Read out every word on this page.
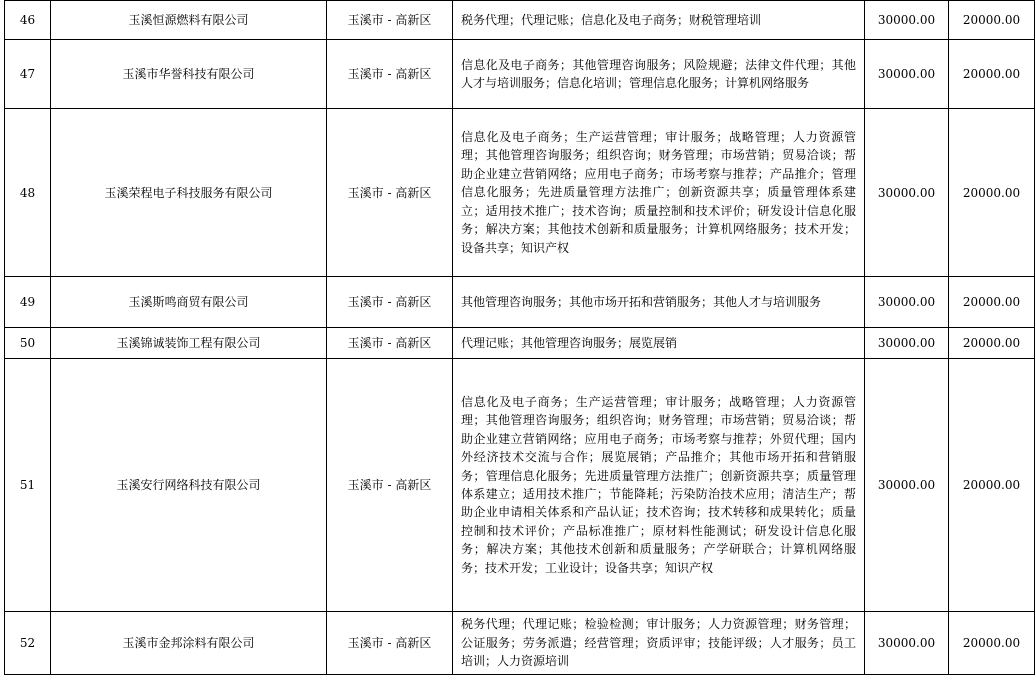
46	玉溪恒源燃料有限公司	玉溪市 - 高新区	税务代理；代理记账；信息化及电子商务；财税管理培训	30000.00	20000.00
47	玉溪市华誉科技有限公司	玉溪市 - 高新区	信息化及电子商务；其他管理咨询服务；风险规避；法律文件代理；其他人才与培训服务；信息化培训；管理信息化服务；计算机网络服务	30000.00	20000.00
48	玉溪荣程电子科技服务有限公司	玉溪市 - 高新区	信息化及电子商务；生产运营管理；审计服务；战略管理；人力资源管理；其他管理咨询服务；组织咨询；财务管理；市场营销；贸易洽谈；帮助企业建立营销网络；应用电子商务；市场考察与推荐；产品推介；管理信息化服务；先进质量管理方法推广；创新资源共享；质量管理体系建立；适用技术推广；技术咨询；质量控制和技术评价；研发设计信息化服务；解决方案；其他技术创新和质量服务；计算机网络服务；技术开发；设备共享；知识产权	30000.00	20000.00
49	玉溪斯鸣商贸有限公司	玉溪市 - 高新区	其他管理咨询服务；其他市场开拓和营销服务；其他人才与培训服务	30000.00	20000.00
50	玉溪锦诚装饰工程有限公司	玉溪市 - 高新区	代理记账；其他管理咨询服务；展览展销	30000.00	20000.00
51	玉溪安行网络科技有限公司	玉溪市 - 高新区	信息化及电子商务；生产运营管理；审计服务；战略管理；人力资源管理；其他管理咨询服务；组织咨询；财务管理；市场营销；贸易洽谈；帮助企业建立营销网络；应用电子商务；市场考察与推荐；外贸代理；国内外经济技术交流与合作；展览展销；产品推介；其他市场开拓和营销服务；管理信息化服务；先进质量管理方法推广；创新资源共享；质量管理体系建立；适用技术推广；节能降耗；污染防治技术应用；清洁生产；帮助企业申请相关体系和产品认证；技术咨询；技术转移和成果转化；质量控制和技术评价；产品标准推广；原材料性能测试；研发设计信息化服务；解决方案；其他技术创新和质量服务；产学研联合；计算机网络服务；技术开发；工业设计；设备共享；知识产权	30000.00	20000.00
52	玉溪市金邦涂料有限公司	玉溪市 - 高新区	税务代理；代理记账；检验检测；审计服务；人力资源管理；财务管理；公证服务；劳务派遣；经营管理；资质评审；技能评级；人才服务；员工培训；人力资源培训	30000.00	20000.00
